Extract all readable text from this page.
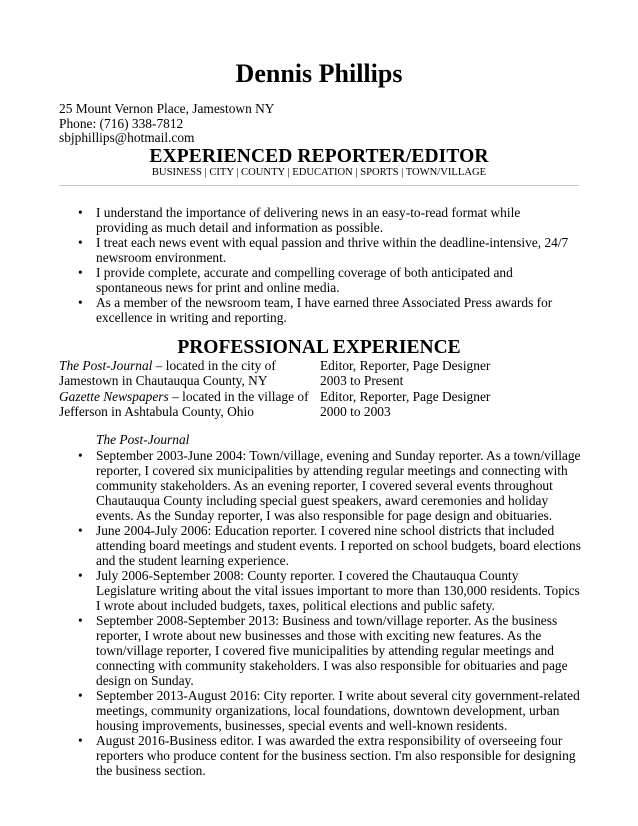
Dennis Phillips
25 Mount Vernon Place, Jamestown NY
Phone: (716) 338-7812
sbjphillips@hotmail.com
EXPERIENCED REPORTER/EDITOR
BUSINESS | CITY | COUNTY | EDUCATION | SPORTS | TOWN/VILLAGE
• I understand the importance of delivering news in an easy-to-read format while providing as much detail and information as possible.
• I treat each news event with equal passion and thrive within the deadline-intensive, 24/7 newsroom environment.
• I provide complete, accurate and compelling coverage of both anticipated and spontaneous news for print and online media.
• As a member of the newsroom team, I have earned three Associated Press awards for excellence in writing and reporting.
PROFESSIONAL EXPERIENCE
The Post-Journal – located in the city of Jamestown in Chautauqua County, NY
Editor, Reporter, Page Designer
2003 to Present
Gazette Newspapers – located in the village of Jefferson in Ashtabula County, Ohio
Editor, Reporter, Page Designer
2000 to 2003
The Post-Journal
• September 2003-June 2004: Town/village, evening and Sunday reporter. As a town/village reporter, I covered six municipalities by attending regular meetings and connecting with community stakeholders. As an evening reporter, I covered several events throughout Chautauqua County including special guest speakers, award ceremonies and holiday events. As the Sunday reporter, I was also responsible for page design and obituaries.
• June 2004-July 2006: Education reporter. I covered nine school districts that included attending board meetings and student events. I reported on school budgets, board elections and the student learning experience.
• July 2006-September 2008: County reporter. I covered the Chautauqua County Legislature writing about the vital issues important to more than 130,000 residents. Topics I wrote about included budgets, taxes, political elections and public safety.
• September 2008-September 2013: Business and town/village reporter. As the business reporter, I wrote about new businesses and those with exciting new features. As the town/village reporter, I covered five municipalities by attending regular meetings and connecting with community stakeholders. I was also responsible for obituaries and page design on Sunday.
• September 2013-August 2016: City reporter. I write about several city government-related meetings, community organizations, local foundations, downtown development, urban housing improvements, businesses, special events and well-known residents.
• August 2016-Business editor. I was awarded the extra responsibility of overseeing four reporters who produce content for the business section. I'm also responsible for designing the business section.
